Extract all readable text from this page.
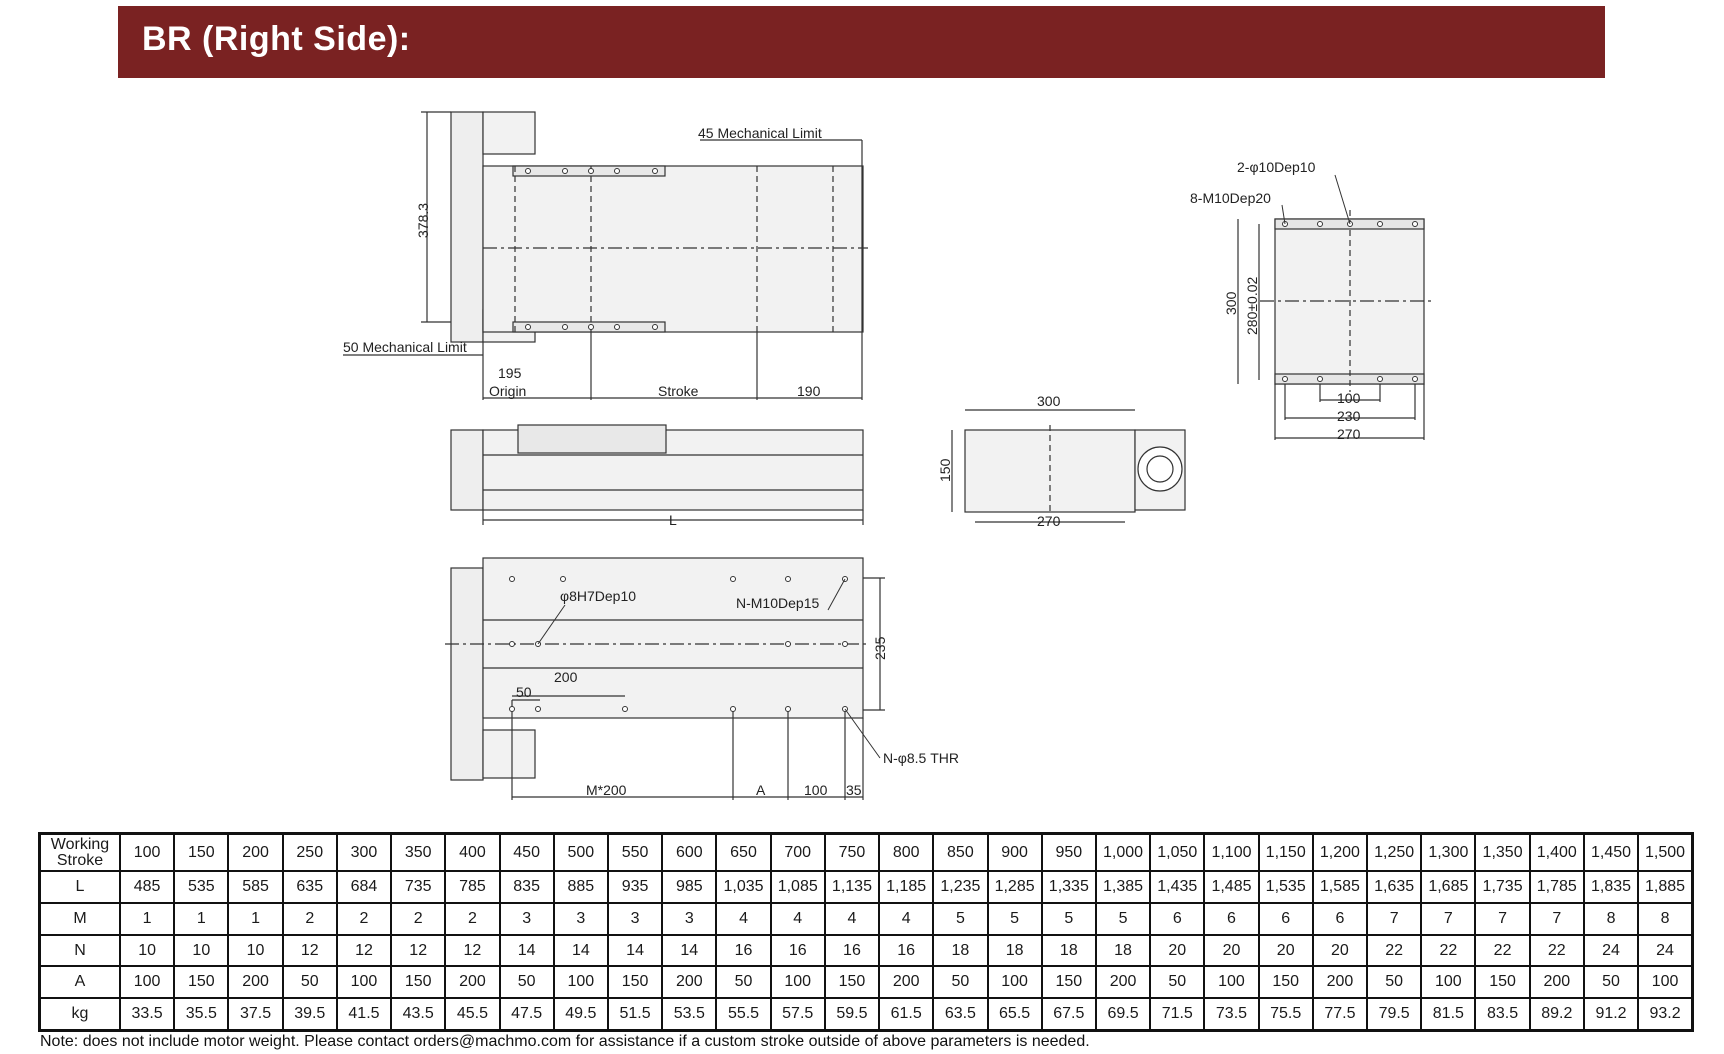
BR (Right Side):
45 Mechanical Limit
50 Mechanical Limit
378.3
195
Origin	Stroke	190
L
φ8H7Dep10	N-M10Dep15
235
200
50
N-φ8.5 THR
M*200	A	100 35
300
150
270
2-φ10Dep10
8-M10Dep20
300 280±0.02
100
230
270
Working Stroke	100	150	200	250	300	350	400	450	500	550	600	650	700	750	800	850	900	950	1,000	1,050	1,100	1,150	1,200	1,250	1,300	1,350	1,400	1,450	1,500
L	485	535	585	635	684	735	785	835	885	935	985	1,035	1,085	1,135	1,185	1,235	1,285	1,335	1,385	1,435	1,485	1,535	1,585	1,635	1,685	1,735	1,785	1,835	1,885
M	1	1	1	2	2	2	2	3	3	3	3	4	4	4	4	5	5	5	5	6	6	6	6	7	7	7	7	8	8
N	10	10	10	12	12	12	12	14	14	14	14	16	16	16	16	18	18	18	18	20	20	20	20	22	22	22	22	24	24
A	100	150	200	50	100	150	200	50	100	150	200	50	100	150	200	50	100	150	200	50	100	150	200	50	100	150	200	50	100
kg	33.5	35.5	37.5	39.5	41.5	43.5	45.5	47.5	49.5	51.5	53.5	55.5	57.5	59.5	61.5	63.5	65.5	67.5	69.5	71.5	73.5	75.5	77.5	79.5	81.5	83.5	89.2	91.2	93.2
Note: does not include motor weight. Please contact orders@machmo.com for assistance if a custom stroke outside of above parameters is needed.
